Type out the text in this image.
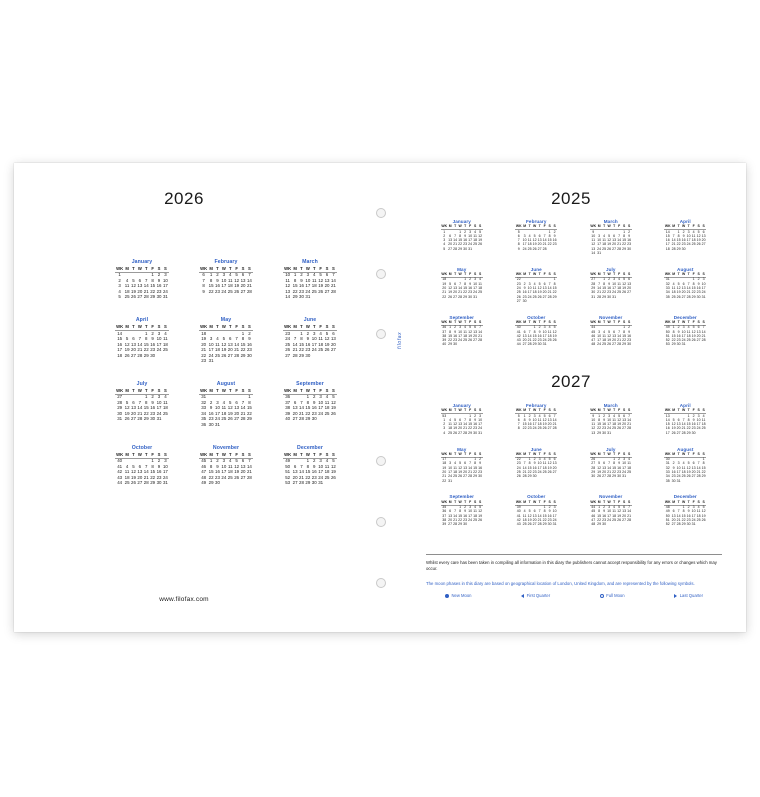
2026
January
WK	M	T	W	T	F	S	S
1					1	2	3
2	4	5	6	7	8	9	10
3	11	12	13	14	15	16	17
4	18	19	20	21	22	23	24
5	25	26	27	28	29	30	31
February
WK	M	T	W	T	F	S	S
6	1	2	3	4	5	6	7
7	8	9	10	11	12	13	14
8	15	16	17	18	19	20	21
9	22	23	24	25	26	27	28
March
WK	M	T	W	T	F	S	S
10	1	2	3	4	5	6	7
11	8	9	10	11	12	13	14
12	15	16	17	18	19	20	21
13	22	23	24	25	26	27	28
14	29	30	31				
April
WK	M	T	W	T	F	S	S
14				1	2	3	4
15	5	6	7	8	9	10	11
16	12	13	14	15	16	17	18
17	19	20	21	22	23	24	25
18	26	27	28	29	30		
May
WK	M	T	W	T	F	S	S
18						1	2
19	3	4	5	6	7	8	9
20	10	11	12	13	14	15	16
21	17	18	19	20	21	22	23
22	24	25	26	27	28	29	30
23	31						
June
WK	M	T	W	T	F	S	S
23		1	2	3	4	5	6
24	7	8	9	10	11	12	13
25	14	15	16	17	18	19	20
26	21	22	23	24	25	26	27
27	28	29	30				
July
WK	M	T	W	T	F	S	S
27				1	2	3	4
28	5	6	7	8	9	10	11
29	12	13	14	15	16	17	18
30	19	20	21	22	23	24	25
31	26	27	28	29	30	31	
August
WK	M	T	W	T	F	S	S
31							1
32	2	3	4	5	6	7	8
33	9	10	11	12	13	14	15
34	16	17	18	19	20	21	22
35	23	24	25	26	27	28	29
36	30	31					
September
WK	M	T	W	T	F	S	S
36			1	2	3	4	5
37	6	7	8	9	10	11	12
38	13	14	15	16	17	18	19
39	20	21	22	23	24	25	26
40	27	28	29	30			
October
WK	M	T	W	T	F	S	S
40					1	2	3
41	4	5	6	7	8	9	10
42	11	12	13	14	15	16	17
43	18	19	20	21	22	23	24
44	25	26	27	28	29	30	31
November
WK	M	T	W	T	F	S	S
45	1	2	3	4	5	6	7
46	8	9	10	11	12	13	14
47	15	16	17	18	19	20	21
48	22	23	24	25	26	27	28
49	29	30					
December
WK	M	T	W	T	F	S	S
49			1	2	3	4	5
50	6	7	8	9	10	11	12
51	13	14	15	16	17	18	19
52	20	21	22	23	24	25	26
53	27	28	29	30	31		
www.filofax.com
filofax
2025
January
WK	M	T	W	T	F	S	S
1			1	2	3	4	5
2	6	7	8	9	10	11	12
3	13	14	15	16	17	18	19
4	20	21	22	23	24	25	26
5	27	28	29	30	31		
February
WK	M	T	W	T	F	S	S
5						1	2
6	3	4	5	6	7	8	9
7	10	11	12	13	14	15	16
8	17	18	19	20	21	22	23
9	24	25	26	27	28		
March
WK	M	T	W	T	F	S	S
9						1	2
10	3	4	5	6	7	8	9
11	10	11	12	13	14	15	16
12	17	18	19	20	21	22	23
13	24	25	26	27	28	29	30
14	31						
April
WK	M	T	W	T	F	S	S
14		1	2	3	4	5	6
15	7	8	9	10	11	12	13
16	14	15	16	17	18	19	20
17	21	22	23	24	25	26	27
18	28	29	30				
May
WK	M	T	W	T	F	S	S
18				1	2	3	4
19	5	6	7	8	9	10	11
20	12	13	14	15	16	17	18
21	19	20	21	22	23	24	25
22	26	27	28	29	30	31	
June
WK	M	T	W	T	F	S	S
22							1
23	2	3	4	5	6	7	8
24	9	10	11	12	13	14	15
25	16	17	18	19	20	21	22
26	23	24	25	26	27	28	29
27	30						
July
WK	M	T	W	T	F	S	S
27		1	2	3	4	5	6
28	7	8	9	10	11	12	13
29	14	15	16	17	18	19	20
30	21	22	23	24	25	26	27
31	28	29	30	31			
August
WK	M	T	W	T	F	S	S
31					1	2	3
32	4	5	6	7	8	9	10
33	11	12	13	14	15	16	17
34	18	19	20	21	22	23	24
35	25	26	27	28	29	30	31
September
WK	M	T	W	T	F	S	S
36	1	2	3	4	5	6	7
37	8	9	10	11	12	13	14
38	15	16	17	18	19	20	21
39	22	23	24	25	26	27	28
40	29	30					
October
WK	M	T	W	T	F	S	S
40			1	2	3	4	5
41	6	7	8	9	10	11	12
42	13	14	15	16	17	18	19
43	20	21	22	23	24	25	26
44	27	28	29	30	31		
November
WK	M	T	W	T	F	S	S
44						1	2
45	3	4	5	6	7	8	9
46	10	11	12	13	14	15	16
47	17	18	19	20	21	22	23
48	24	25	26	27	28	29	30
December
WK	M	T	W	T	F	S	S
49	1	2	3	4	5	6	7
50	8	9	10	11	12	13	14
51	15	16	17	18	19	20	21
52	22	23	24	25	26	27	28
53	29	30	31				
2027
January
WK	M	T	W	T	F	S	S
53					1	2	3
1	4	5	6	7	8	9	10
2	11	12	13	14	15	16	17
3	18	19	20	21	22	23	24
4	25	26	27	28	29	30	31
February
WK	M	T	W	T	F	S	S
5	1	2	3	4	5	6	7
6	8	9	10	11	12	13	14
7	15	16	17	18	19	20	21
8	22	23	24	25	26	27	28
March
WK	M	T	W	T	F	S	S
9	1	2	3	4	5	6	7
10	8	9	10	11	12	13	14
11	15	16	17	18	19	20	21
12	22	23	24	25	26	27	28
13	29	30	31				
April
WK	M	T	W	T	F	S	S
13				1	2	3	4
14	5	6	7	8	9	10	11
15	12	13	14	15	16	17	18
16	19	20	21	22	23	24	25
17	26	27	28	29	30		
May
WK	M	T	W	T	F	S	S
17						1	2
18	3	4	5	6	7	8	9
19	10	11	12	13	14	15	16
20	17	18	19	20	21	22	23
21	24	25	26	27	28	29	30
22	31						
June
WK	M	T	W	T	F	S	S
22		1	2	3	4	5	6
23	7	8	9	10	11	12	13
24	14	15	16	17	18	19	20
25	21	22	23	24	25	26	27
26	28	29	30				
July
WK	M	T	W	T	F	S	S
26				1	2	3	4
27	5	6	7	8	9	10	11
28	12	13	14	15	16	17	18
29	19	20	21	22	23	24	25
30	26	27	28	29	30	31	
August
WK	M	T	W	T	F	S	S
30							1
31	2	3	4	5	6	7	8
32	9	10	11	12	13	14	15
33	16	17	18	19	20	21	22
34	23	24	25	26	27	28	29
35	30	31					
September
WK	M	T	W	T	F	S	S
35			1	2	3	4	5
36	6	7	8	9	10	11	12
37	13	14	15	16	17	18	19
38	20	21	22	23	24	25	26
39	27	28	29	30			
October
WK	M	T	W	T	F	S	S
39					1	2	3
40	4	5	6	7	8	9	10
41	11	12	13	14	15	16	17
42	18	19	20	21	22	23	24
43	25	26	27	28	29	30	31
November
WK	M	T	W	T	F	S	S
44	1	2	3	4	5	6	7
45	8	9	10	11	12	13	14
46	15	16	17	18	19	20	21
47	22	23	24	25	26	27	28
48	29	30					
December
WK	M	T	W	T	F	S	S
48			1	2	3	4	5
49	6	7	8	9	10	11	12
50	13	14	15	16	17	18	19
51	20	21	22	23	24	25	26
52	27	28	29	30	31		
Whilst every care has been taken in compiling all information in this diary the publishers cannot accept responsibility for any errors or changes which may occur.
The moon phases in this diary are based on geographical location of London, United Kingdom, and are represented by the following symbols.
New Moon	First Quarter	Full Moon	Last Quarter
